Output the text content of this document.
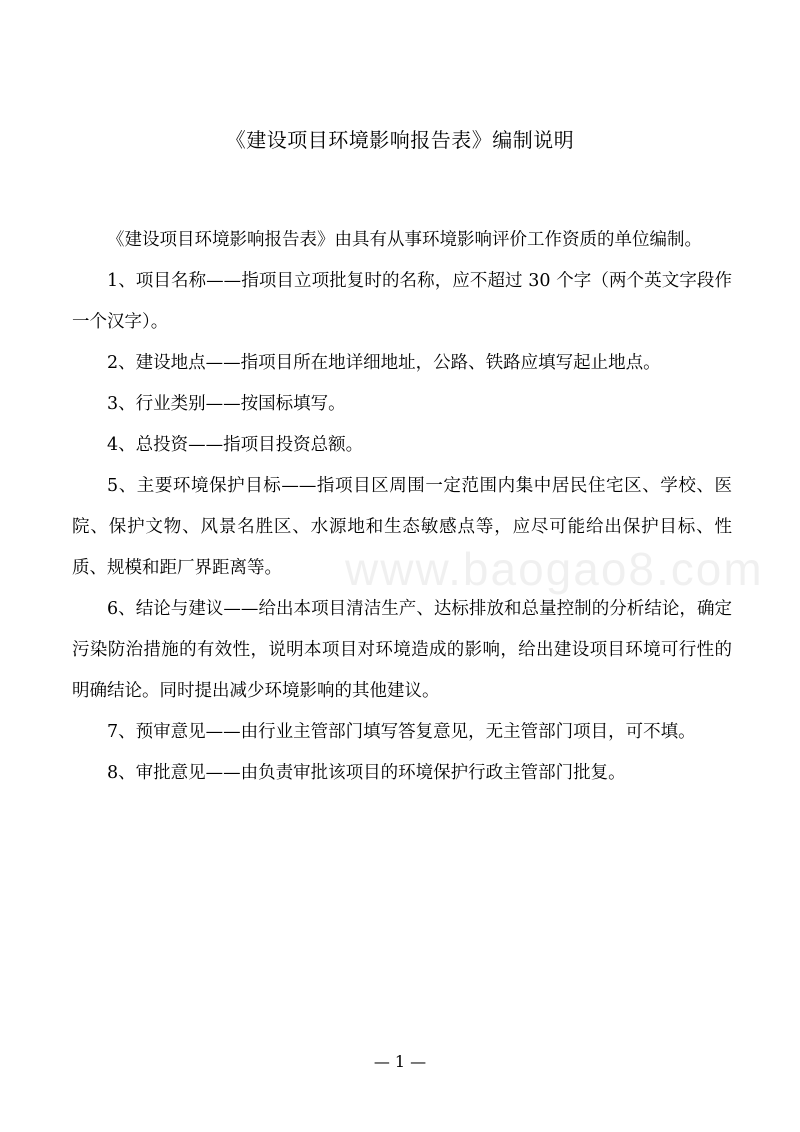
《建设项目环境影响报告表》编制说明

《建设项目环境影响报告表》由具有从事环境影响评价工作资质的单位编制。

1、项目名称——指项目立项批复时的名称，应不超过 30 个字（两个英文字段作一个汉字）。

2、建设地点——指项目所在地详细地址，公路、铁路应填写起止地点。

3、行业类别——按国标填写。

4、总投资——指项目投资总额。

5、主要环境保护目标——指项目区周围一定范围内集中居民住宅区、学校、医院、保护文物、风景名胜区、水源地和生态敏感点等，应尽可能给出保护目标、性质、规模和距厂界距离等。

6、结论与建议——给出本项目清洁生产、达标排放和总量控制的分析结论，确定污染防治措施的有效性，说明本项目对环境造成的影响，给出建设项目环境可行性的明确结论。同时提出减少环境影响的其他建议。

7、预审意见——由行业主管部门填写答复意见，无主管部门项目，可不填。

8、审批意见——由负责审批该项目的环境保护行政主管部门批复。

www.baogao8.com
— 1 —
